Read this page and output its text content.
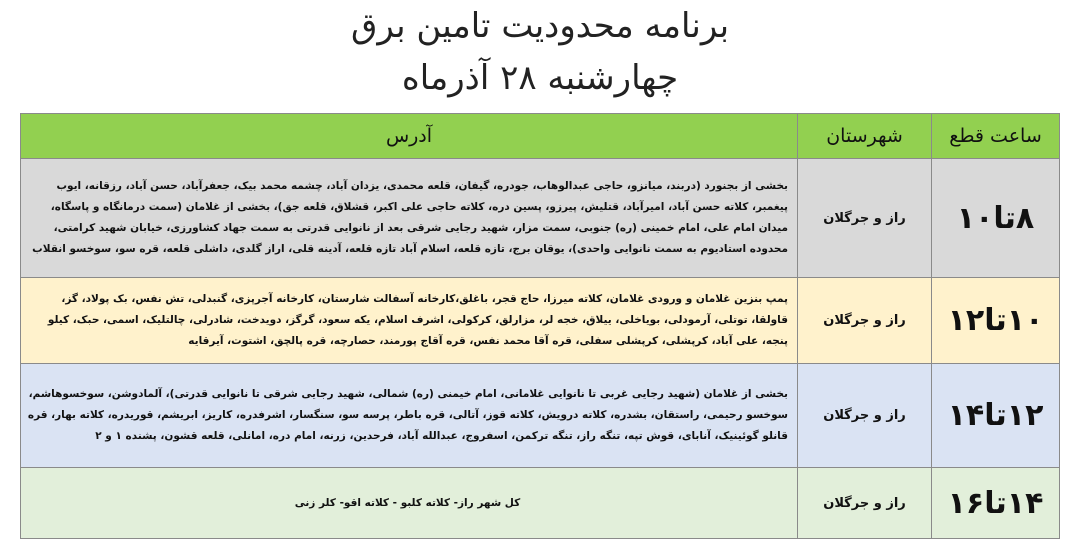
برنامه محدودیت تامین برق
چهارشنبه ۲۸ آذرماه
ساعت قطع	شهرستان	آدرس
۸تا۱۰	راز و جرگلان	بخشی از بجنورد (دربند، میانزو، حاجی عبدالوهاب، جودره، گیفان، قلعه محمدی، یزدان آباد، چشمه محمد بیک، جعفرآباد، حسن آباد، رزقانه، ایوب پیغمبر، کلاته حسن آباد، امیرآباد، قتلیش، پیرزو، پسین دره، کلاته حاجی علی اکبر، قشلاق، قلعه جق)، بخشی از غلامان (سمت درمانگاه و پاسگاه، میدان امام علی، امام خمینی (ره) جنوبی، سمت مزار، شهید رجایی شرقی بعد از نانوایی قدرتی به سمت جهاد کشاورزی، خیابان شهید کرامتی، محدوده استادیوم به سمت نانوایی واحدی)، یوقان برج، تازه قلعه، اسلام آباد تازه قلعه، آدینه قلی، اراز گلدی، داشلی قلعه، قره سو، سوخسو انقلاب
۱۰تا۱۲	راز و جرگلان	پمپ بنزین غلامان و ورودی غلامان، کلاته میرزا، حاج قجر، باغلق،کارخانه آسفالت شارستان، کارخانه آجرپزی، گنبدلی، تش نفس، بک پولاد، گز، قاولقا، توتلی، آرمودلی، بویاخلی، ییلاق، خجه لر، مزارلق، کرکولی، اشرف اسلام، یکه سعود، گرگز، دویدخت، شادرلی، چالتلیک، اسمی، حبک، کیلو پنجه، علی آباد، کرپشلی، کرپشلی سفلی، قره آقا محمد نفس، قره آقاج پورمند، حصارچه، قره پالچق، اشتوت، آیرقایه
۱۲تا۱۴	راز و جرگلان	بخشی از غلامان (شهید رجایی غربی تا نانوایی غلامانی، امام خیمنی (ره) شمالی، شهید رجایی شرقی تا نانوایی قدرتی)، آلمادوشن، سوخسوهاشم، سوخسو رحیمی، راستقان، بشدره، کلاته درویش، کلاته قوز، آتالی، قره باطر، پرسه سو، سنگسار، اشرفدره، کاریز، ابریشم، قوریدره، کلاته بهار، قره قانلو گوئینیک، آنابای، قوش تپه، تنگه راز، تنگه ترکمن، اسفروج، عبدالله آباد، فرحدین، زرنه، امام دره، امانلی، قلعه قشون، پشنده ۱ و ۲
۱۴تا۱۶	راز و جرگلان	کل شهر راز- کلاته کلبو - کلاته اقو- کلر زنی
